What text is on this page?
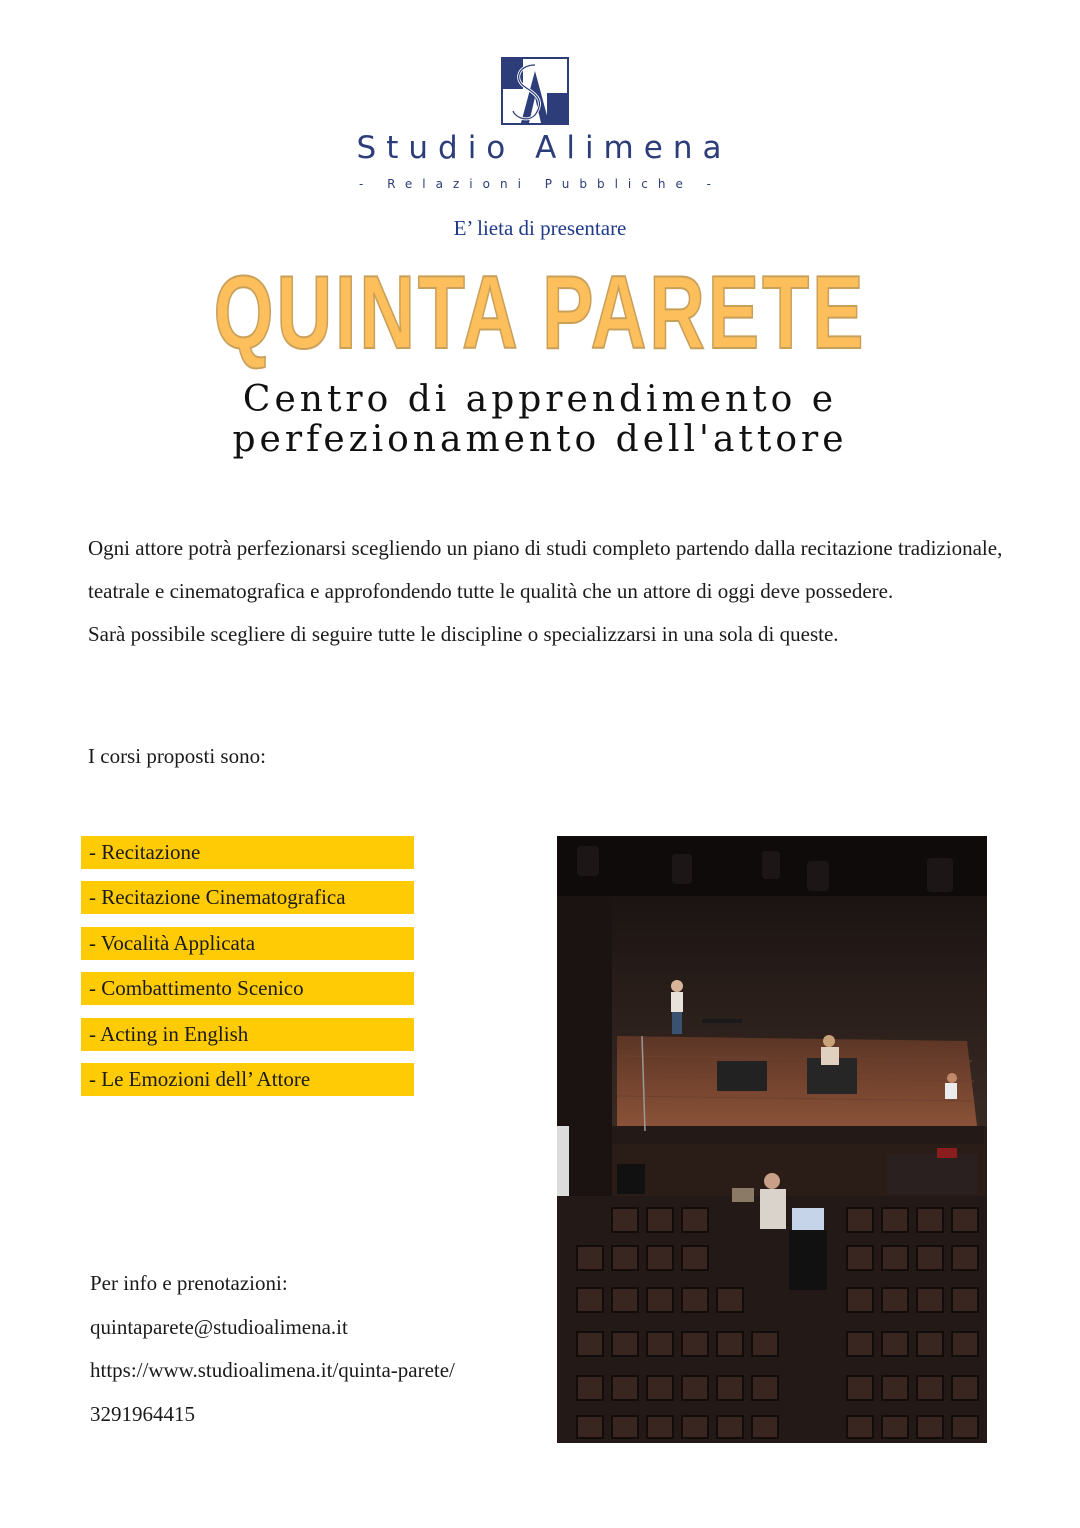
Studio Alimena
- Relazioni Pubbliche -
E’ lieta di presentare
QUINTA PARETE
Centro di apprendimento e
perfezionamento dell'attore

Ogni attore potrà perfezionarsi scegliendo un piano di studi completo partendo dalla recitazione tradizionale, teatrale e cinematografica e approfondendo tutte le qualità che un attore di oggi deve possedere.

Sarà possibile scegliere di seguire tutte le discipline o specializzarsi in una sola di queste.

I corsi proposti sono:
- Recitazione
- Recitazione Cinematografica
- Vocalità Applicata
- Combattimento Scenico
- Acting in English
- Le Emozioni dell’ Attore
Per info e prenotazioni:
quintaparete@studioalimena.it
https://www.studioalimena.it/quinta-parete/
3291964415
